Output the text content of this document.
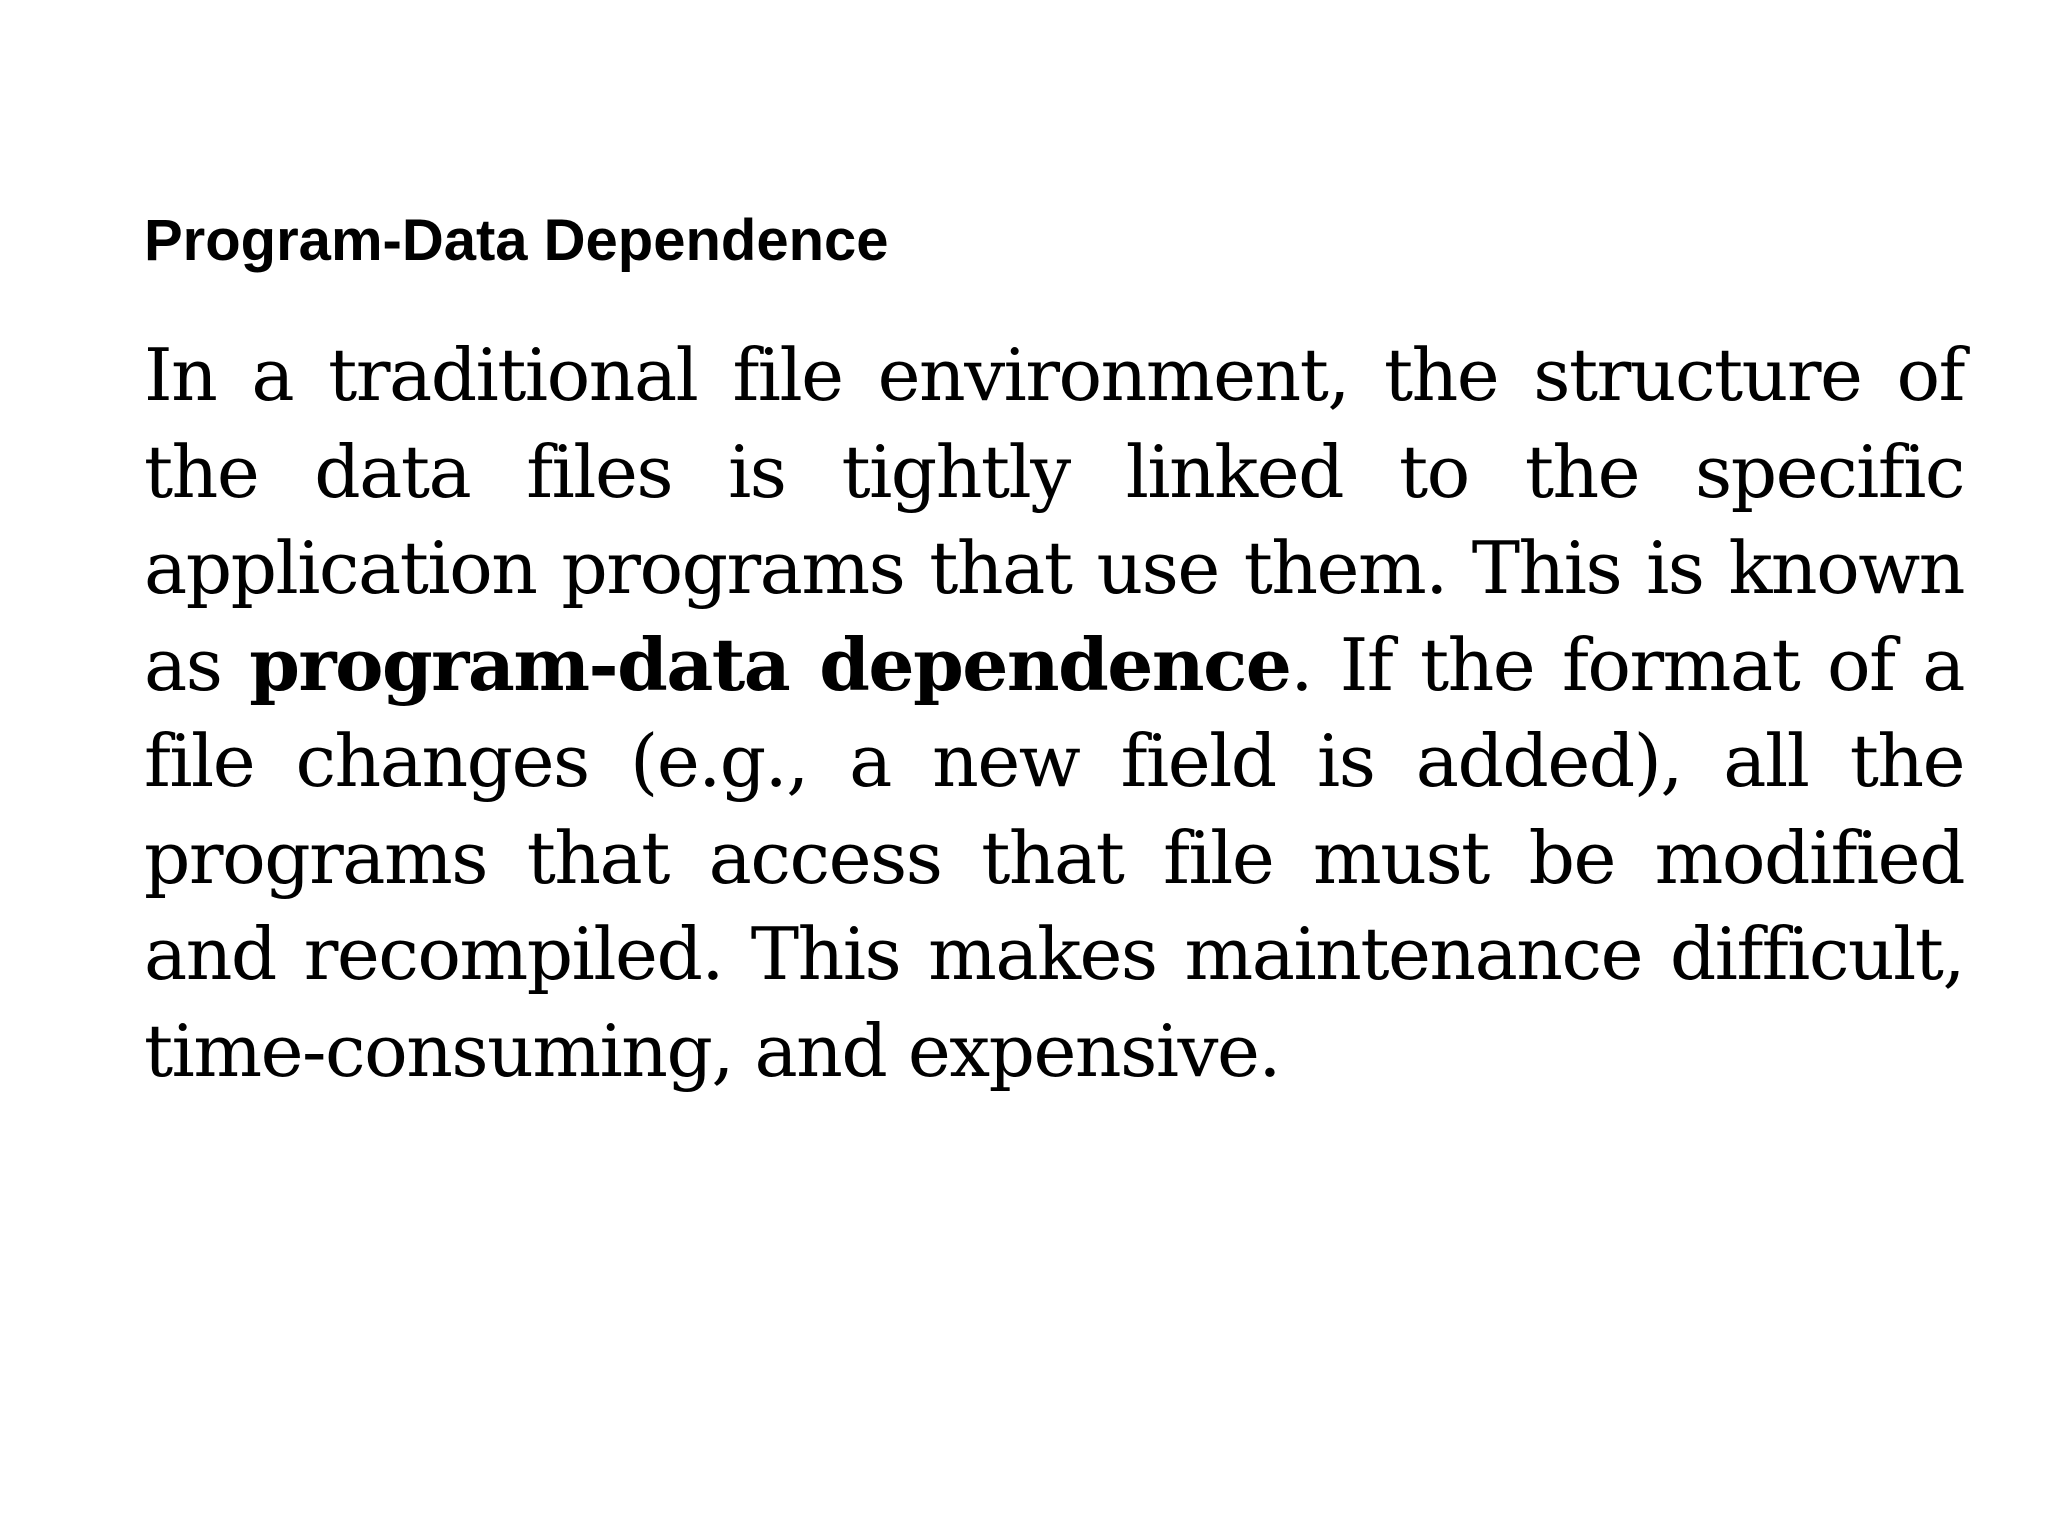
Program-Data Dependence

In a traditional file environment, the structure of the data files is tightly linked to the specific application programs that use them. This is known as program-data dependence. If the format of a file changes (e.g., a new field is added), all the programs that access that file must be modified and recompiled. This makes maintenance difficult, time-consuming, and expensive.
